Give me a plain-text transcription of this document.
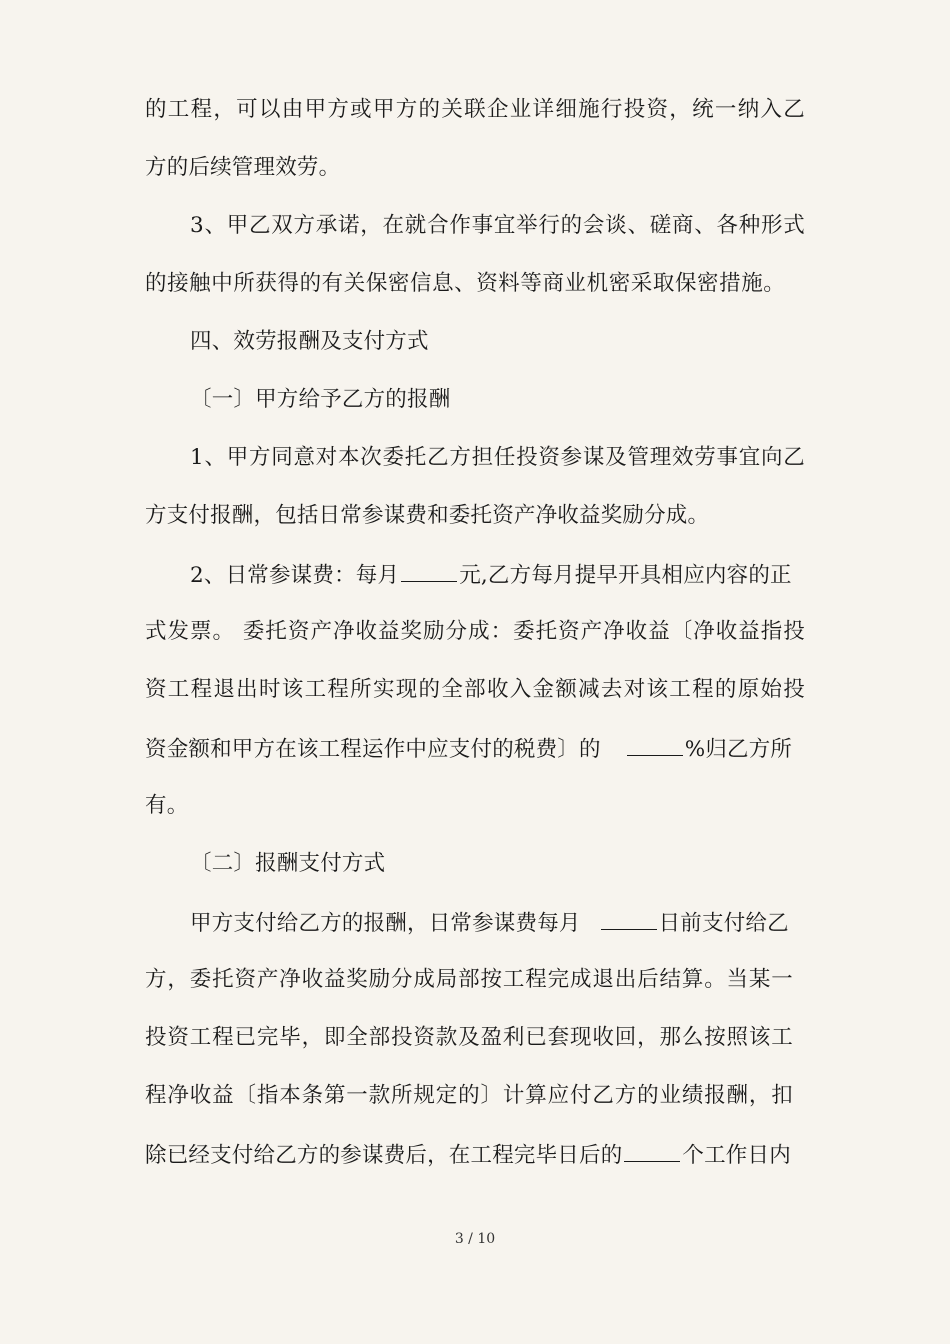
的工程，可以由甲方或甲方的关联企业详细施行投资，统一纳入乙
方的后续管理效劳。
3、甲乙双方承诺，在就合作事宜举行的会谈、磋商、各种形式
的接触中所获得的有关保密信息、资料等商业机密采取保密措施。
四、效劳报酬及支付方式
〔一〕甲方给予乙方的报酬
1、甲方同意对本次委托乙方担任投资参谋及管理效劳事宜向乙
方支付报酬，包括日常参谋费和委托资产净收益奖励分成。
2、日常参谋费：每月	元,乙方每月提早开具相应内容的正
式发票。 委托资产净收益奖励分成：委托资产净收益〔净收益指投
资工程退出时该工程所实现的全部收入金额减去对该工程的原始投
资金额和甲方在该工程运作中应支付的税费〕的	%归乙方所
有。
〔二〕报酬支付方式
甲方支付给乙方的报酬，日常参谋费每月	日前支付给乙
方，委托资产净收益奖励分成局部按工程完成退出后结算。当某一
投资工程已完毕，即全部投资款及盈利已套现收回，那么按照该工
程净收益〔指本条第一款所规定的〕计算应付乙方的业绩报酬，扣
除已经支付给乙方的参谋费后，在工程完毕日后的	个工作日内
3 / 10
